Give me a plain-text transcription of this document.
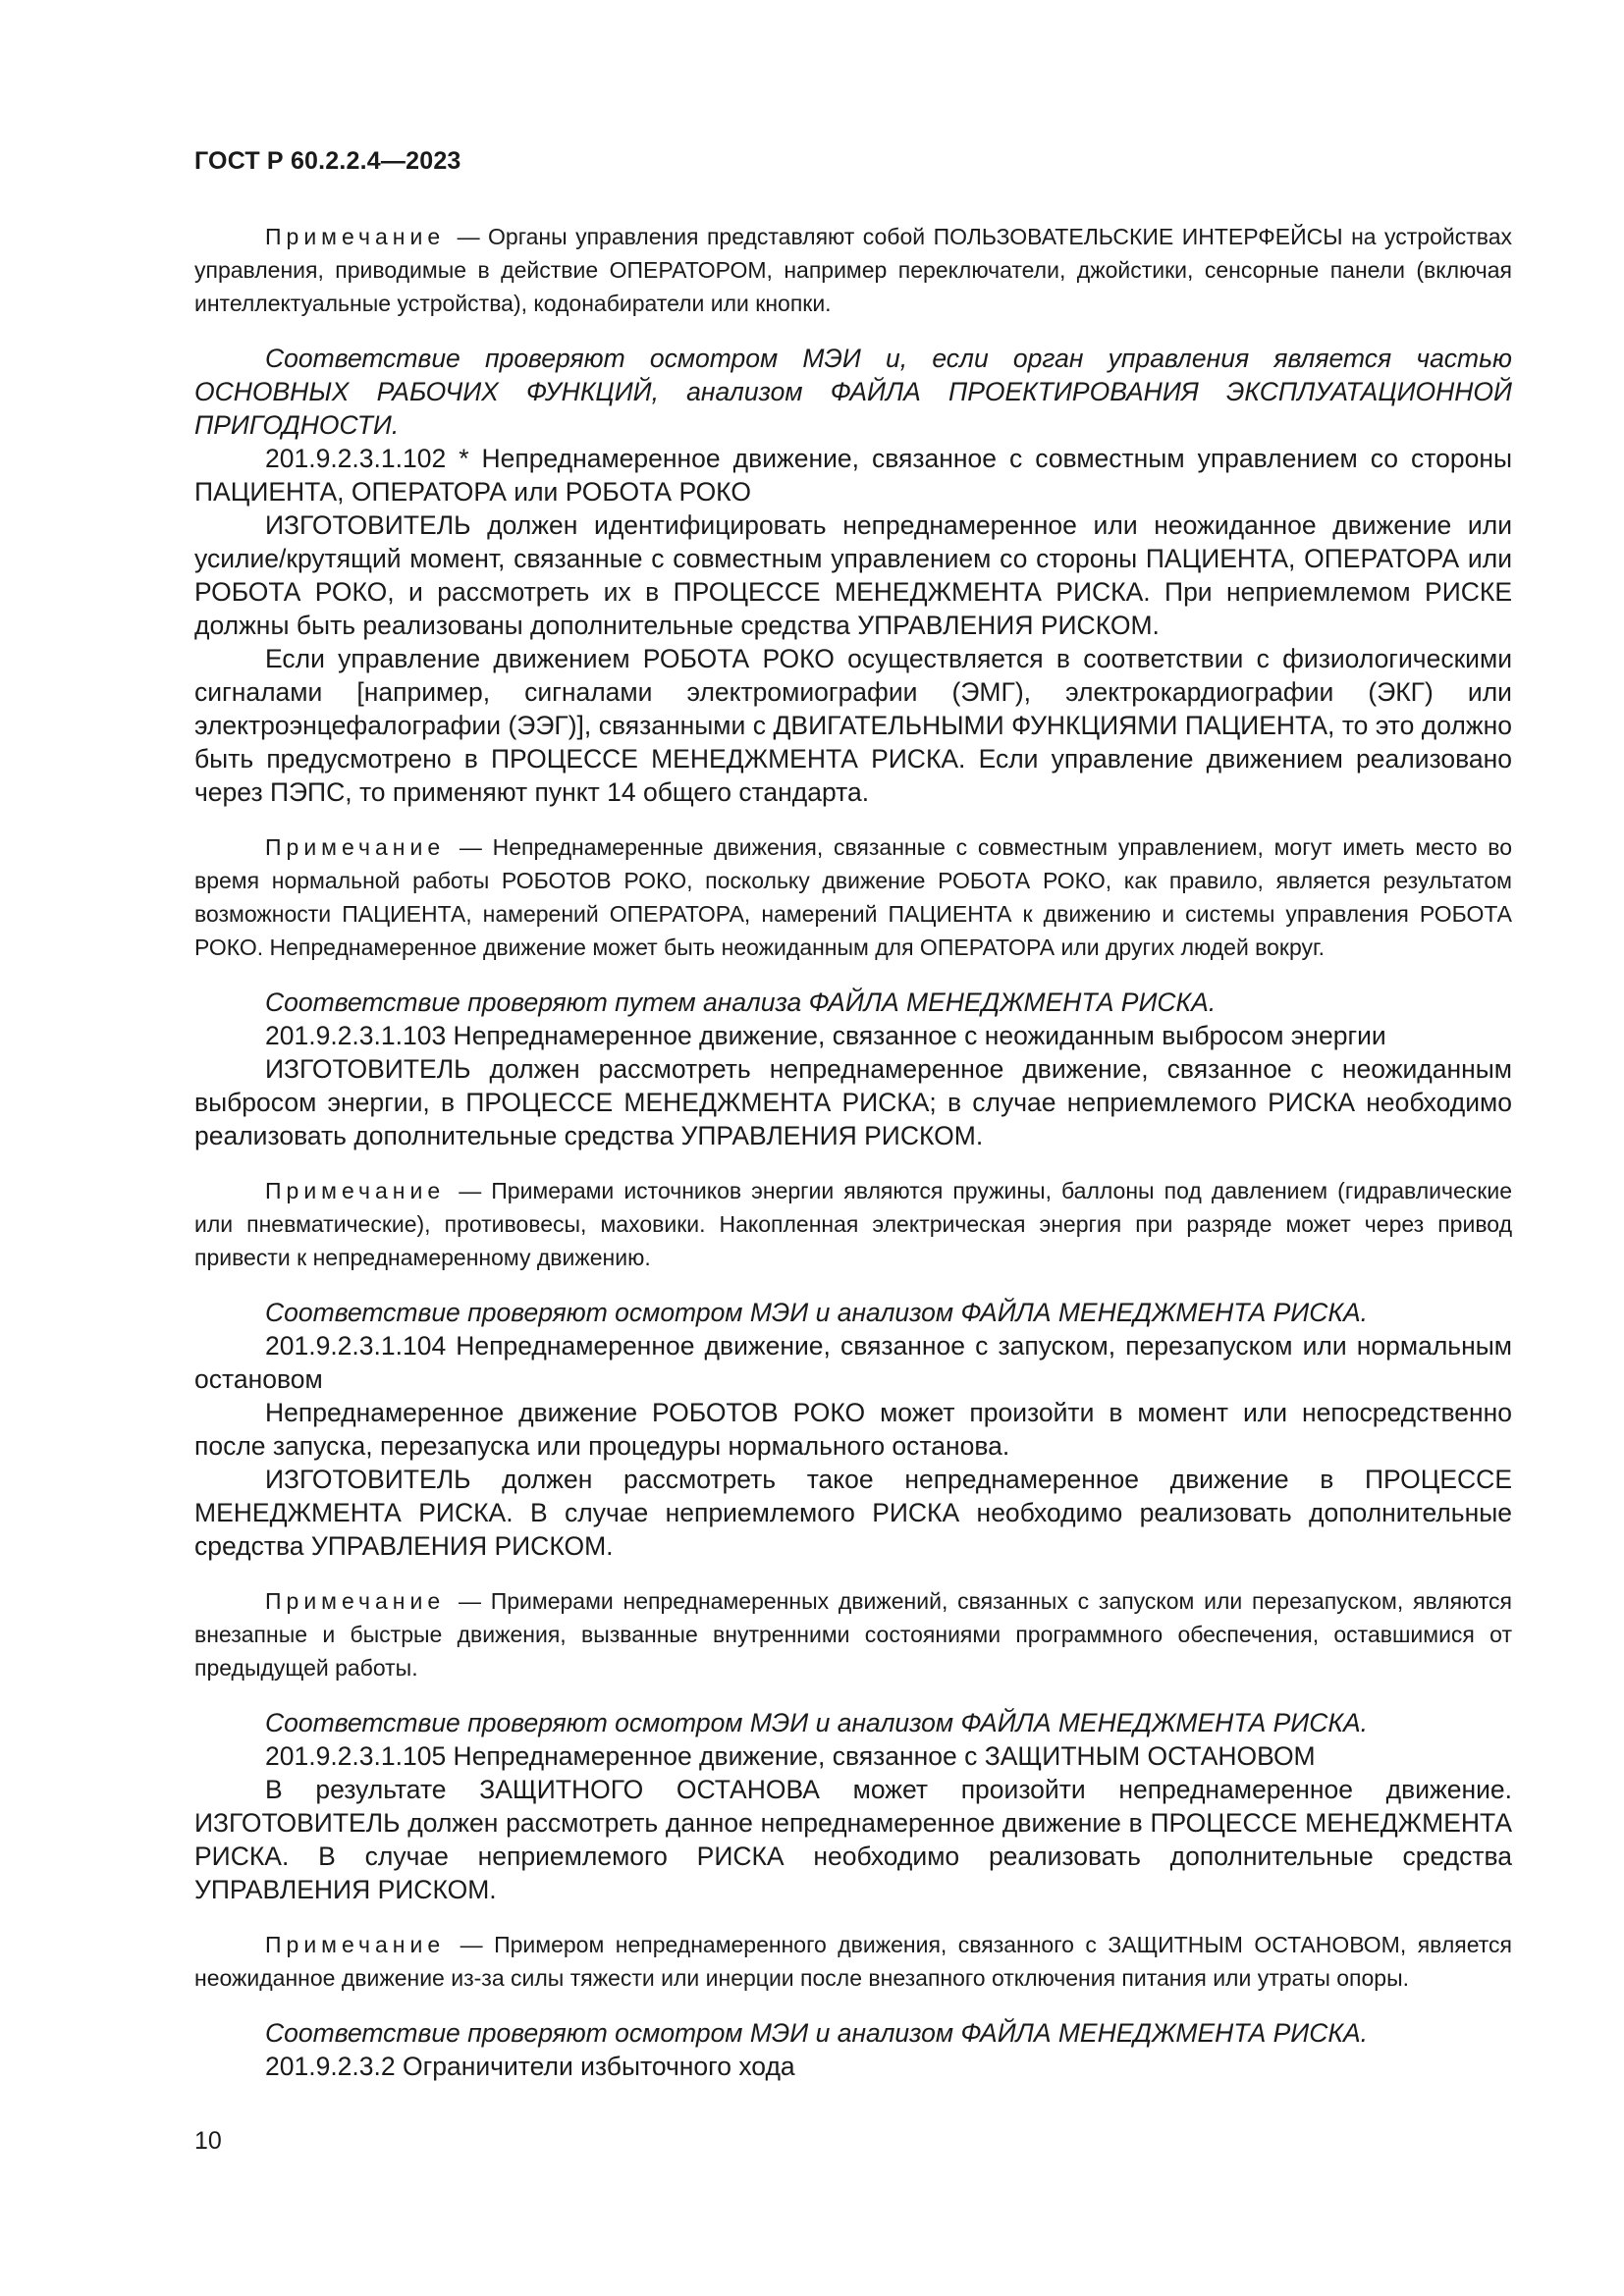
ГОСТ Р 60.2.2.4—2023

Примечание — Органы управления представляют собой ПОЛЬЗОВАТЕЛЬСКИЕ ИНТЕРФЕЙСЫ на устройствах управления, приводимые в действие ОПЕРАТОРОМ, например переключатели, джойстики, сенсорные панели (включая интеллектуальные устройства), кодонабиратели или кнопки.

Соответствие проверяют осмотром МЭИ и, если орган управления является частью ОСНОВНЫХ РАБОЧИХ ФУНКЦИЙ, анализом ФАЙЛА ПРОЕКТИРОВАНИЯ ЭКСПЛУАТАЦИОННОЙ ПРИГОДНОСТИ.

201.9.2.3.1.102 * Непреднамеренное движение, связанное с совместным управлением со стороны ПАЦИЕНТА, ОПЕРАТОРА или РОБОТА РОКО

ИЗГОТОВИТЕЛЬ должен идентифицировать непреднамеренное или неожиданное движение или усилие/крутящий момент, связанные с совместным управлением со стороны ПАЦИЕНТА, ОПЕРАТОРА или РОБОТА РОКО, и рассмотреть их в ПРОЦЕССЕ МЕНЕДЖМЕНТА РИСКА. При неприемлемом РИСКЕ должны быть реализованы дополнительные средства УПРАВЛЕНИЯ РИСКОМ.

Если управление движением РОБОТА РОКО осуществляется в соответствии с физиологическими сигналами [например, сигналами электромиографии (ЭМГ), электрокардиографии (ЭКГ) или электроэнцефалографии (ЭЭГ)], связанными с ДВИГАТЕЛЬНЫМИ ФУНКЦИЯМИ ПАЦИЕНТА, то это должно быть предусмотрено в ПРОЦЕССЕ МЕНЕДЖМЕНТА РИСКА. Если управление движением реализовано через ПЭПС, то применяют пункт 14 общего стандарта.

Примечание — Непреднамеренные движения, связанные с совместным управлением, могут иметь место во время нормальной работы РОБОТОВ РОКО, поскольку движение РОБОТА РОКО, как правило, является результатом возможности ПАЦИЕНТА, намерений ОПЕРАТОРА, намерений ПАЦИЕНТА к движению и системы управления РОБОТА РОКО. Непреднамеренное движение может быть неожиданным для ОПЕРАТОРА или других людей вокруг.

Соответствие проверяют путем анализа ФАЙЛА МЕНЕДЖМЕНТА РИСКА.

201.9.2.3.1.103 Непреднамеренное движение, связанное с неожиданным выбросом энергии

ИЗГОТОВИТЕЛЬ должен рассмотреть непреднамеренное движение, связанное с неожиданным выбросом энергии, в ПРОЦЕССЕ МЕНЕДЖМЕНТА РИСКА; в случае неприемлемого РИСКА необходимо реализовать дополнительные средства УПРАВЛЕНИЯ РИСКОМ.

Примечание — Примерами источников энергии являются пружины, баллоны под давлением (гидравлические или пневматические), противовесы, маховики. Накопленная электрическая энергия при разряде может через привод привести к непреднамеренному движению.

Соответствие проверяют осмотром МЭИ и анализом ФАЙЛА МЕНЕДЖМЕНТА РИСКА.

201.9.2.3.1.104 Непреднамеренное движение, связанное с запуском, перезапуском или нормальным остановом

Непреднамеренное движение РОБОТОВ РОКО может произойти в момент или непосредственно после запуска, перезапуска или процедуры нормального останова.

ИЗГОТОВИТЕЛЬ должен рассмотреть такое непреднамеренное движение в ПРОЦЕССЕ МЕНЕДЖМЕНТА РИСКА. В случае неприемлемого РИСКА необходимо реализовать дополнительные средства УПРАВЛЕНИЯ РИСКОМ.

Примечание — Примерами непреднамеренных движений, связанных с запуском или перезапуском, являются внезапные и быстрые движения, вызванные внутренними состояниями программного обеспечения, оставшимися от предыдущей работы.

Соответствие проверяют осмотром МЭИ и анализом ФАЙЛА МЕНЕДЖМЕНТА РИСКА.

201.9.2.3.1.105 Непреднамеренное движение, связанное с ЗАЩИТНЫМ ОСТАНОВОМ

В результате ЗАЩИТНОГО ОСТАНОВА может произойти непреднамеренное движение. ИЗГОТОВИТЕЛЬ должен рассмотреть данное непреднамеренное движение в ПРОЦЕССЕ МЕНЕДЖМЕНТА РИСКА. В случае неприемлемого РИСКА необходимо реализовать дополнительные средства УПРАВЛЕНИЯ РИСКОМ.

Примечание — Примером непреднамеренного движения, связанного с ЗАЩИТНЫМ ОСТАНОВОМ, является неожиданное движение из-за силы тяжести или инерции после внезапного отключения питания или утраты опоры.

Соответствие проверяют осмотром МЭИ и анализом ФАЙЛА МЕНЕДЖМЕНТА РИСКА.

201.9.2.3.2 Ограничители избыточного хода

10
